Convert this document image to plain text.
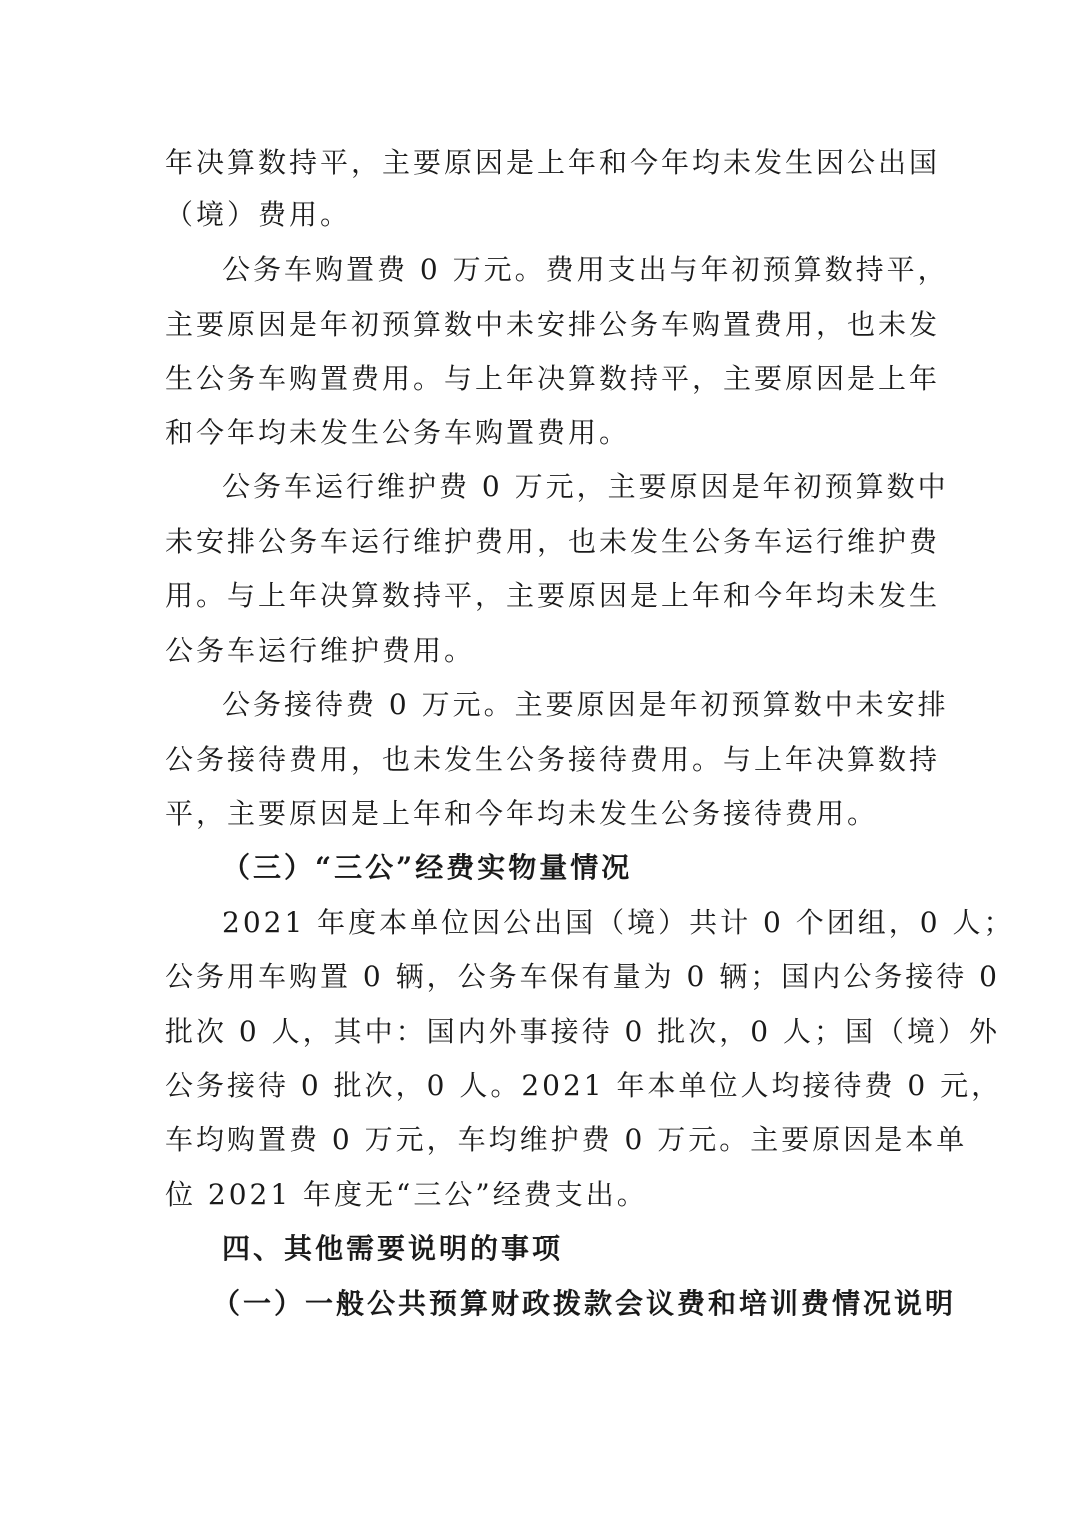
年决算数持平，主要原因是上年和今年均未发生因公出国
（境）费用。
公务车购置费 0 万元。费用支出与年初预算数持平，
主要原因是年初预算数中未安排公务车购置费用，也未发
生公务车购置费用。与上年决算数持平，主要原因是上年
和今年均未发生公务车购置费用。
公务车运行维护费 0 万元，主要原因是年初预算数中
未安排公务车运行维护费用，也未发生公务车运行维护费
用。与上年决算数持平，主要原因是上年和今年均未发生
公务车运行维护费用。
公务接待费 0 万元。主要原因是年初预算数中未安排
公务接待费用，也未发生公务接待费用。与上年决算数持
平，主要原因是上年和今年均未发生公务接待费用。
（三）“三公”经费实物量情况
2021 年度本单位因公出国（境）共计 0 个团组，0 人；
公务用车购置 0 辆，公务车保有量为 0 辆；国内公务接待 0
批次 0 人，其中：国内外事接待 0 批次，0 人；国（境）外
公务接待 0 批次，0 人。2021 年本单位人均接待费 0 元，
车均购置费 0 万元，车均维护费 0 万元。主要原因是本单
位 2021 年度无“三公”经费支出。
四、其他需要说明的事项
（一）一般公共预算财政拨款会议费和培训费情况说明
